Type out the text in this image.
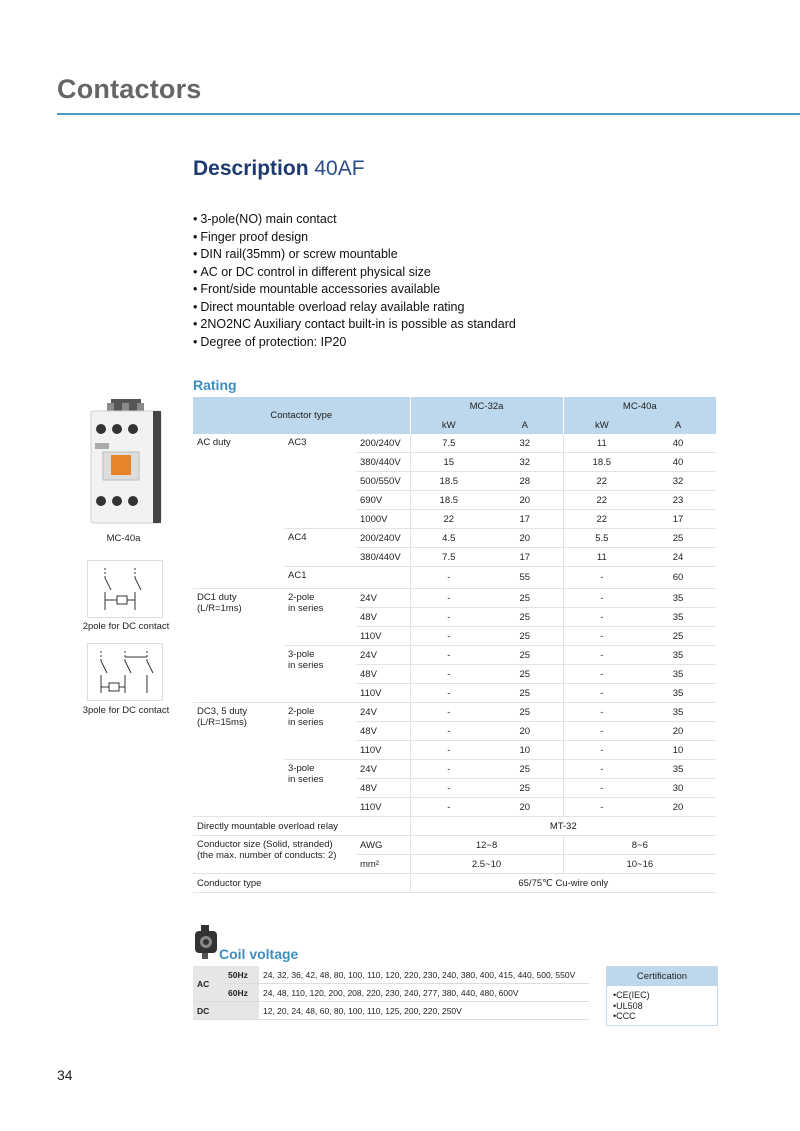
Contactors
Description 40AF
• 3-pole(NO) main contact
• Finger proof design
• DIN rail(35mm) or screw mountable
• AC or DC control in different physical size
• Front/side mountable accessories available
• Direct mountable overload relay available rating
• 2NO2NC Auxiliary contact built-in is possible as standard
• Degree of protection: IP20
Rating
MC-40a
2pole for DC contact
3pole for DC contact
Contactor type			MC-32a		MC-40a	
			kW	A	kW	A
AC duty	AC3	200/240V	7.5	32	11	40
		380/440V	15	32	18.5	40
		500/550V	18.5	28	22	32
		690V	18.5	20	22	23
		1000V	22	17	22	17
	AC4	200/240V	4.5	20	5.5	25
		380/440V	7.5	17	11	24
	AC1		-	55	-	60
DC1 duty
(L/R=1ms)	2-pole
in series	24V	-	25	-	35
		48V	-	25	-	35
		110V	-	25	-	25
	3-pole
in series	24V	-	25	-	35
		48V	-	25	-	35
		110V	-	25	-	35
DC3, 5 duty
(L/R=15ms)	2-pole
in series	24V	-	25	-	35
		48V	-	20	-	20
		110V	-	10	-	10
	3-pole
in series	24V	-	25	-	35
		48V	-	25	-	30
		110V	-	20	-	20
Directly mountable overload relay			MT-32			
Conductor size (Solid, stranded)
(the max. number of conducts: 2)		AWG	12~8		8~6	
		mm²	2.5~10		10~16	
Conductor type			65/75℃ Cu-wire only			
Coil voltage
AC	50Hz	24, 32, 36, 42, 48, 80, 100, 110, 120, 220, 230, 240, 380, 400, 415, 440, 500, 550V
	60Hz	24, 48, 110, 120, 200, 208, 220, 230, 240, 277, 380, 440, 480, 600V
DC		12, 20, 24, 48, 60, 80, 100, 110, 125, 200, 220, 250V
Certification
• CE(IEC)
• UL508
• CCC
34
